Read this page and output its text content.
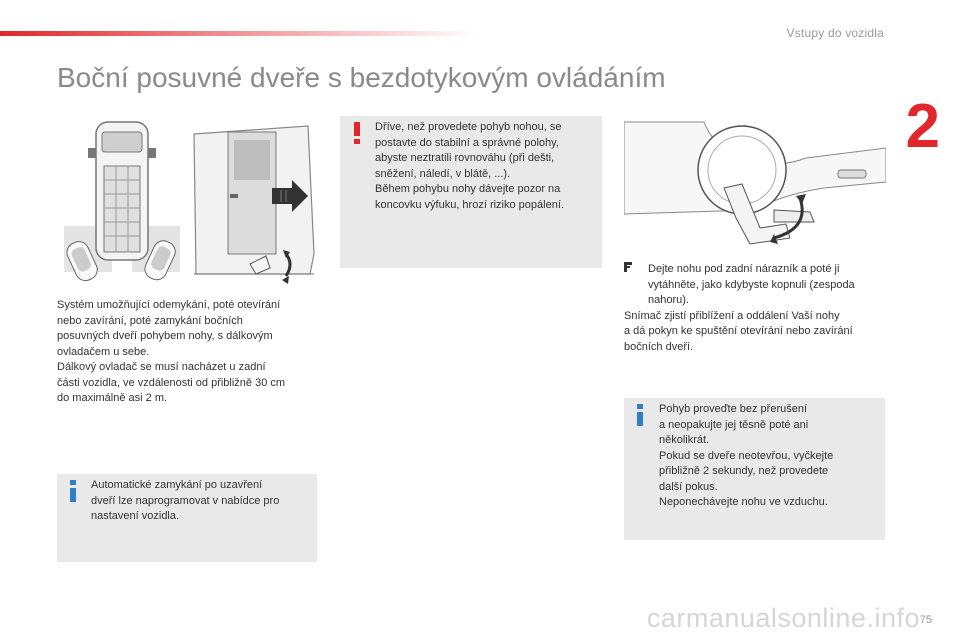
Vstupy do vozidla
2
Boční posuvné dveře s bezdotykovým ovládáním
Systém umožňující odemykání, poté otevírání
nebo zavírání, poté zamykání bočních
posuvných dveří pohybem nohy, s dálkovým
ovladačem u sebe.
Dálkový ovladač se musí nacházet u zadní
části vozidla, ve vzdálenosti od přibližně 30 cm
do maximálně asi 2 m.
Automatické zamykání po uzavření
dveří lze naprogramovat v nabídce pro
nastavení vozidla.
Dříve, než provedete pohyb nohou, se
postavte do stabilní a správné polohy,
abyste neztratili rovnováhu (při dešti,
sněžení, náledí, v blátě, ...).
Během pohybu nohy dávejte pozor na
koncovku výfuku, hrozí riziko popálení.
Dejte nohu pod zadní nárazník a poté ji
vytáhněte, jako kdybyste kopnuli (zespoda
nahoru).
Snímač zjistí přiblížení a oddálení Vaší nohy
a dá pokyn ke spuštění otevírání nebo zavírání
bočních dveří.
Pohyb proveďte bez přerušení
a neopakujte jej těsně poté ani
několikrát.
Pokud se dveře neotevřou, vyčkejte
přibližně 2 sekundy, než provedete
další pokus.
Neponechávejte nohu ve vzduchu.
carmanualsonline.info 75
